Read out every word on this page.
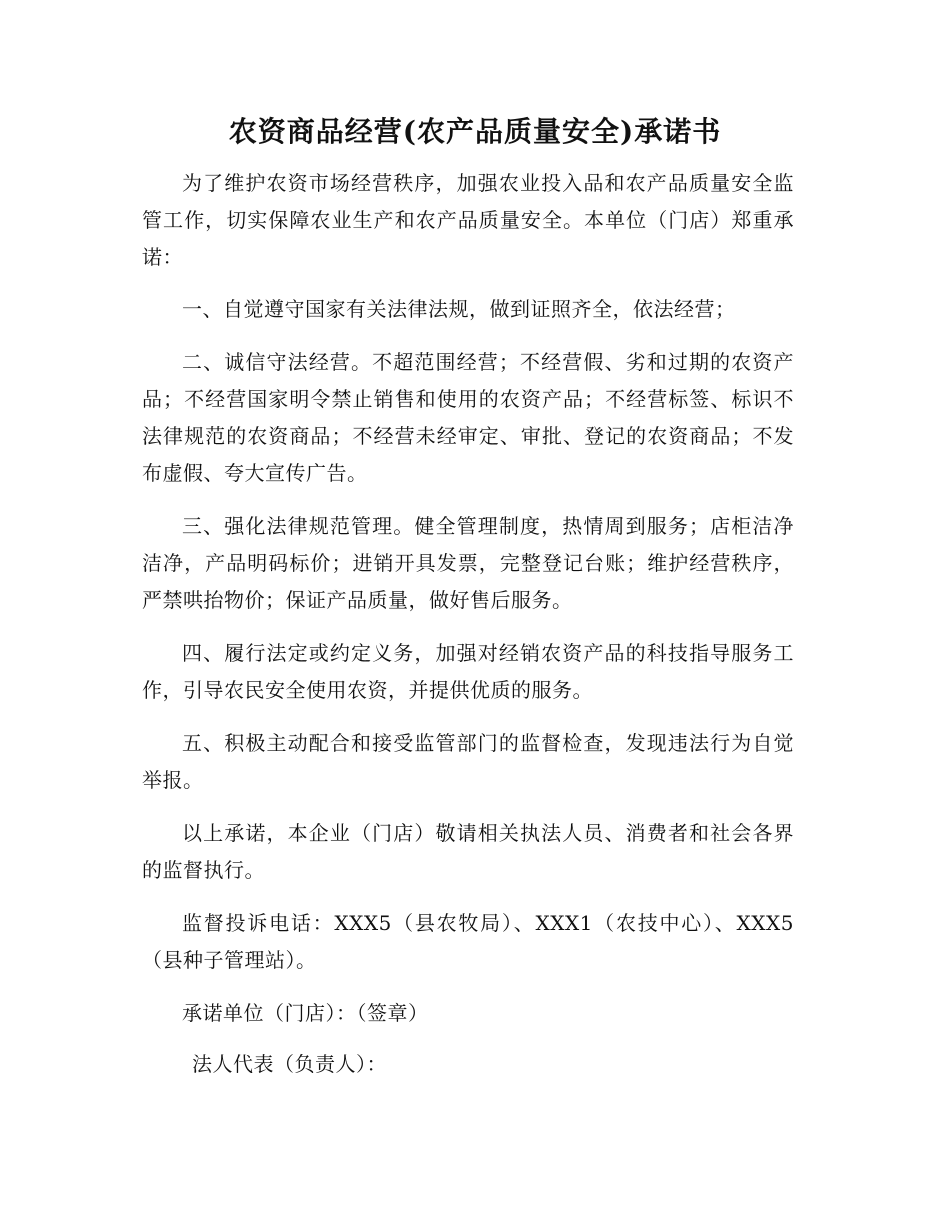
农资商品经营(农产品质量安全)承诺书

为了维护农资市场经营秩序，加强农业投入品和农产品质量安全监管工作，切实保障农业生产和农产品质量安全。本单位（门店）郑重承诺：

一、自觉遵守国家有关法律法规，做到证照齐全，依法经营；

二、诚信守法经营。不超范围经营；不经营假、劣和过期的农资产品；不经营国家明令禁止销售和使用的农资产品；不经营标签、标识不法律规范的农资商品；不经营未经审定、审批、登记的农资商品；不发布虚假、夸大宣传广告。

三、强化法律规范管理。健全管理制度，热情周到服务；店柜洁净洁净，产品明码标价；进销开具发票，完整登记台账；维护经营秩序，严禁哄抬物价；保证产品质量，做好售后服务。

四、履行法定或约定义务，加强对经销农资产品的科技指导服务工作，引导农民安全使用农资，并提供优质的服务。

五、积极主动配合和接受监管部门的监督检查，发现违法行为自觉举报。

以上承诺，本企业（门店）敬请相关执法人员、消费者和社会各界的监督执行。

监督投诉电话：XXX5（县农牧局）、XXX1（农技中心）、XXX5（县种子管理站）。

承诺单位（门店）：（签章）

法人代表（负责人）：
